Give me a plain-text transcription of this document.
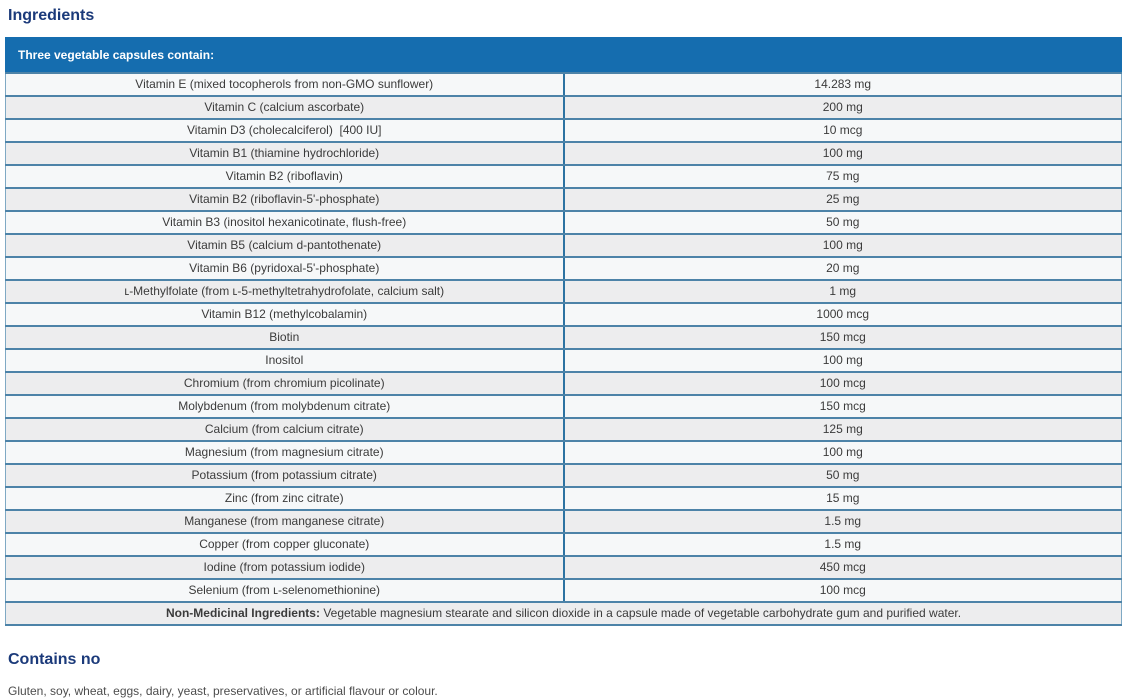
Ingredients
Three vegetable capsules contain:	
Vitamin E (mixed tocopherols from non-GMO sunflower)	14.283 mg
Vitamin C (calcium ascorbate)	200 mg
Vitamin D3 (cholecalciferol)  [400 IU]	10 mcg
Vitamin B1 (thiamine hydrochloride)	100 mg
Vitamin B2 (riboflavin)	75 mg
Vitamin B2 (riboflavin-5'-phosphate)	25 mg
Vitamin B3 (inositol hexanicotinate, flush-free)	50 mg
Vitamin B5 (calcium d-pantothenate)	100 mg
Vitamin B6 (pyridoxal-5'-phosphate)	20 mg
ʟ-Methylfolate (from ʟ-5-methyltetrahydrofolate, calcium salt)	1 mg
Vitamin B12 (methylcobalamin)	1000 mcg
Biotin	150 mcg
Inositol	100 mg
Chromium (from chromium picolinate)	100 mcg
Molybdenum (from molybdenum citrate)	150 mcg
Calcium (from calcium citrate)	125 mg
Magnesium (from magnesium citrate)	100 mg
Potassium (from potassium citrate)	50 mg
Zinc (from zinc citrate)	15 mg
Manganese (from manganese citrate)	1.5 mg
Copper (from copper gluconate)	1.5 mg
Iodine (from potassium iodide)	450 mcg
Selenium (from ʟ-selenomethionine)	100 mcg
Non-Medicinal Ingredients: Vegetable magnesium stearate and silicon dioxide in a capsule made of vegetable carbohydrate gum and purified water.	
Contains no

Gluten, soy, wheat, eggs, dairy, yeast, preservatives, or artificial flavour or colour.
